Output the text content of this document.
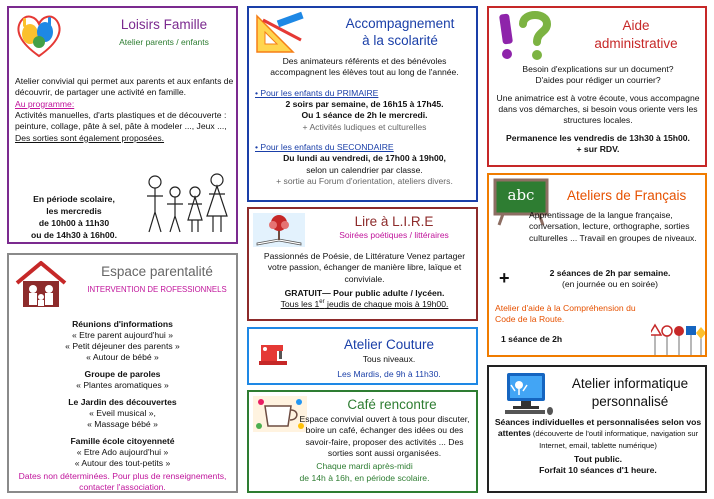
Loisirs Famille
Atelier parents / enfants

Atelier convivial qui permet aux parents et aux enfants de découvrir, de partager une activité en famille.

Au programme:

Activités manuelles, d'arts plastiques et de découverte : peinture, collage, pâte à sel, pâte à modeler ..., Jeux ...,

Des sorties sont également proposées.

En période scolaire,

les mercredis

de 10h00 à 11h30

ou de 14h30 à 16h00.

Accompagnement
à la scolarité

Des animateurs référents et des bénévoles accompagnent les élèves tout au long de l'année.

• Pour les enfants du PRIMAIRE

2 soirs par semaine, de 16h15 à 17h45.

Ou 1 séance de 2h le mercredi.

+ Activités ludiques et culturelles

• Pour les enfants du SECONDAIRE

Du lundi au vendredi, de 17h00 à 19h00,

selon un calendrier par classe.

+ sortie au Forum d'orientation, ateliers divers.

Aide
administrative

Besoin d'explications sur un document?

D'aides pour rédiger un courrier?

Une animatrice est à votre écoute, vous accompagne dans vos démarches, si besoin vous oriente vers les structures locales.

Permanence les vendredis de 13h30 à 15h00.

+ sur RDV.

Espace parentalité
INTERVENTION DE ROFESSIONNELS

Réunions d'informations

« Etre parent aujourd'hui »

« Petit déjeuner des parents »

« Autour de bébé »

Groupe de paroles

« Plantes aromatiques »

Le Jardin des découvertes

« Eveil musical »,

« Massage bébé »

Famille école citoyenneté

« Etre Ado aujourd'hui »

« Autour des tout-petits »

Dates non déterminées. Pour plus de renseignements, contacter l'association.

Lire à L.I.R.E
Soirées poétiques / littéraires

Passionnés de Poésie, de Littérature Venez partager votre passion, échanger de manière libre, laïque et conviviale.

GRATUIT— Pour public adulte / lycéen.

Tous les 1er jeudis de chaque mois à 19h00.

Atelier Couture
Tous niveaux.
Les Mardis, de 9h à 11h30.
Café rencontre

Espace convivial ouvert à tous pour discuter, boire un café, échanger des idées ou des savoir-faire, proposer des activités ... Des sorties sont aussi organisées.

Chaque mardi après-midi

de 14h à 16h, en période scolaire.

abc	Ateliers de Français

Apprentissage de la langue française, conversation, lecture, orthographe, sorties culturelles ... Travail en groupes de niveaux.

+	2 séances de 2h par semaine.

(en journée ou en soirée)

Atelier d'aide à la Compréhension du

Code de la Route.

1 séance de 2h
Atelier informatique
personnalisé

Séances individuelles et personnalisées selon vos attentes (découverte de l'outil informatique, navigation sur Internet, email, tablette numérique)

Tout public.

Forfait 10 séances d'1 heure.
